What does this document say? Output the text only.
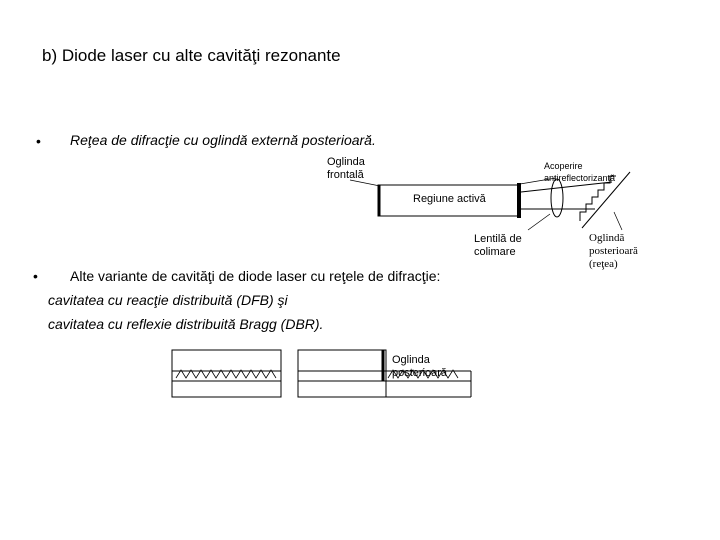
b) Diode laser cu alte cavităţi rezonante
• Reţea de difracţie cu oglindă externă posterioară.
Oglinda
frontală
Acoperire
antireflectorizantă
Regiune activă
Lentilă de
colimare
Oglindă
posterioară
(reţea)
• Alte variante de cavităţi de diode laser cu reţele de difracţie:
cavitatea cu reacţie distribuită (DFB) şi
cavitatea cu reflexie distribuită Bragg (DBR).
Oglinda
posterioară
